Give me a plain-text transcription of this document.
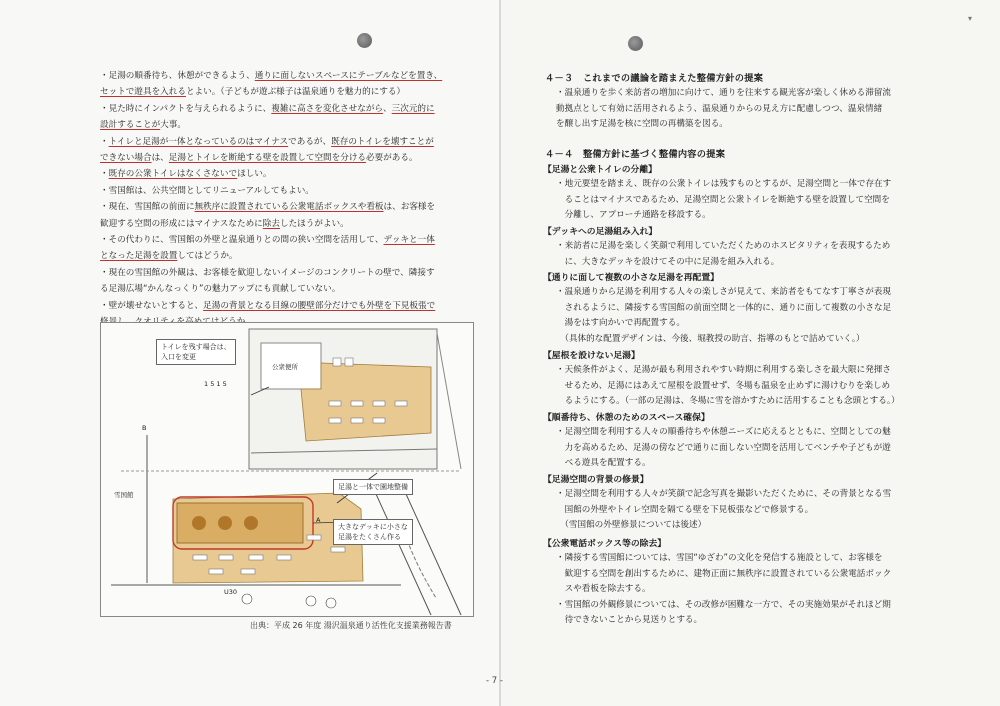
▾

・足湯の順番待ち、休憩ができるよう、通りに面しないスペースにテーブルなどを置き、

セットで遊具を入れるとよい。（子どもが遊ぶ様子は温泉通りを魅力的にする）

・見た時にインパクトを与えられるように、複雑に高さを変化させながら、三次元的に

設計することが大事。

・トイレと足湯が一体となっているのはマイナスであるが、既存のトイレを壊すことが

できない場合は、足湯とトイレを断絶する壁を設置して空間を分ける必要がある。

・既存の公衆トイレはなくさないでほしい。

・雪国館は、公共空間としてリニューアルしてもよい。

・現在、雪国館の前面に無秩序に設置されている公衆電話ボックスや看板は、お客様を

歓迎する空間の形成にはマイナスなために除去したほうがよい。

・その代わりに、雪国館の外壁と温泉通りとの間の狭い空間を活用して、デッキと一体

となった足湯を設置してはどうか。

・現在の雪国館の外観は、お客様を歓迎しないイメージのコンクリートの壁で、隣接す

る足湯広場“かんなっくり”の魅力アップにも貢献していない。

・壁が壊せないとすると、足湯の背景となる目線の腰壁部分だけでも外壁を下見板張で

トイレを残す場合は、
入口を変更
足湯と一体で園地整備
大きなデッキに小さな
足湯をたくさん作る
雪国館
公衆便所
B
A
U30
1 5 1 5
出典：平成 26 年度 湯沢温泉通り活性化支援業務報告書
４－３　これまでの議論を踏まえた整備方針の提案
・温泉通りを歩く来訪者の増加に向けて、通りを往来する観光客が楽しく休める滞留流
動拠点として有効に活用されるよう、温泉通りからの見え方に配慮しつつ、温泉情緒
を醸し出す足湯を核に空間の再構築を図る。
４－４　整備方針に基づく整備内容の提案
【足湯と公衆トイレの分離】

・地元要望を踏まえ、既存の公衆トイレは残すものとするが、足湯空間と一体で存在す

　ることはマイナスであるため、足湯空間と公衆トイレを断絶する壁を設置して空間を

　分離し、アプローチ通路を移設する。

【デッキへの足湯組み入れ】

・来訪者に足湯を楽しく笑顔で利用していただくためのホスピタリティを表現するため

　に、大きなデッキを設けてその中に足湯を組み入れる。

【通りに面して複数の小さな足湯を再配置】

・温泉通りから足湯を利用する人々の楽しさが見えて、来訪者をもてなす丁寧さが表現

　されるように、隣接する雪国館の前面空間と一体的に、通りに面して複数の小さな足

　湯をはす向かいで再配置する。

　（具体的な配置デザインは、今後、堀教授の助言、指導のもとで詰めていく。）

【屋根を設けない足湯】

・天候条件がよく、足湯が最も利用されやすい時期に利用する楽しさを最大限に発揮さ

　せるため、足湯にはあえて屋根を設置せず、冬場も温泉を止めずに湯けむりを楽しめ

　るようにする。（一部の足湯は、冬場に雪を溶かすために活用することも念頭とする。）

【順番待ち、休憩のためのスペース確保】

・足湯空間を利用する人々の順番待ちや休憩ニーズに応えるとともに、空間としての魅

　力を高めるため、足湯の傍などで通りに面しない空間を活用してベンチや子どもが遊

　べる遊具を配置する。

【足湯空間の背景の修景】

・足湯空間を利用する人々が笑顔で記念写真を撮影いただくために、その背景となる雪

　国館の外壁やトイレ空間を隔てる壁を下見板張などで修景する。

　（雪国館の外壁修景については後述）

【公衆電話ボックス等の除去】

・隣接する雪国館については、雪国“ゆざわ”の文化を発信する施設として、お客様を

　歓迎する空間を創出するために、建物正面に無秩序に設置されている公衆電話ボック

　スや看板を除去する。

・雪国館の外観修景については、その改修が困難な一方で、その実施効果がそれほど期

　待できないことから見送りとする。

- 7 -
